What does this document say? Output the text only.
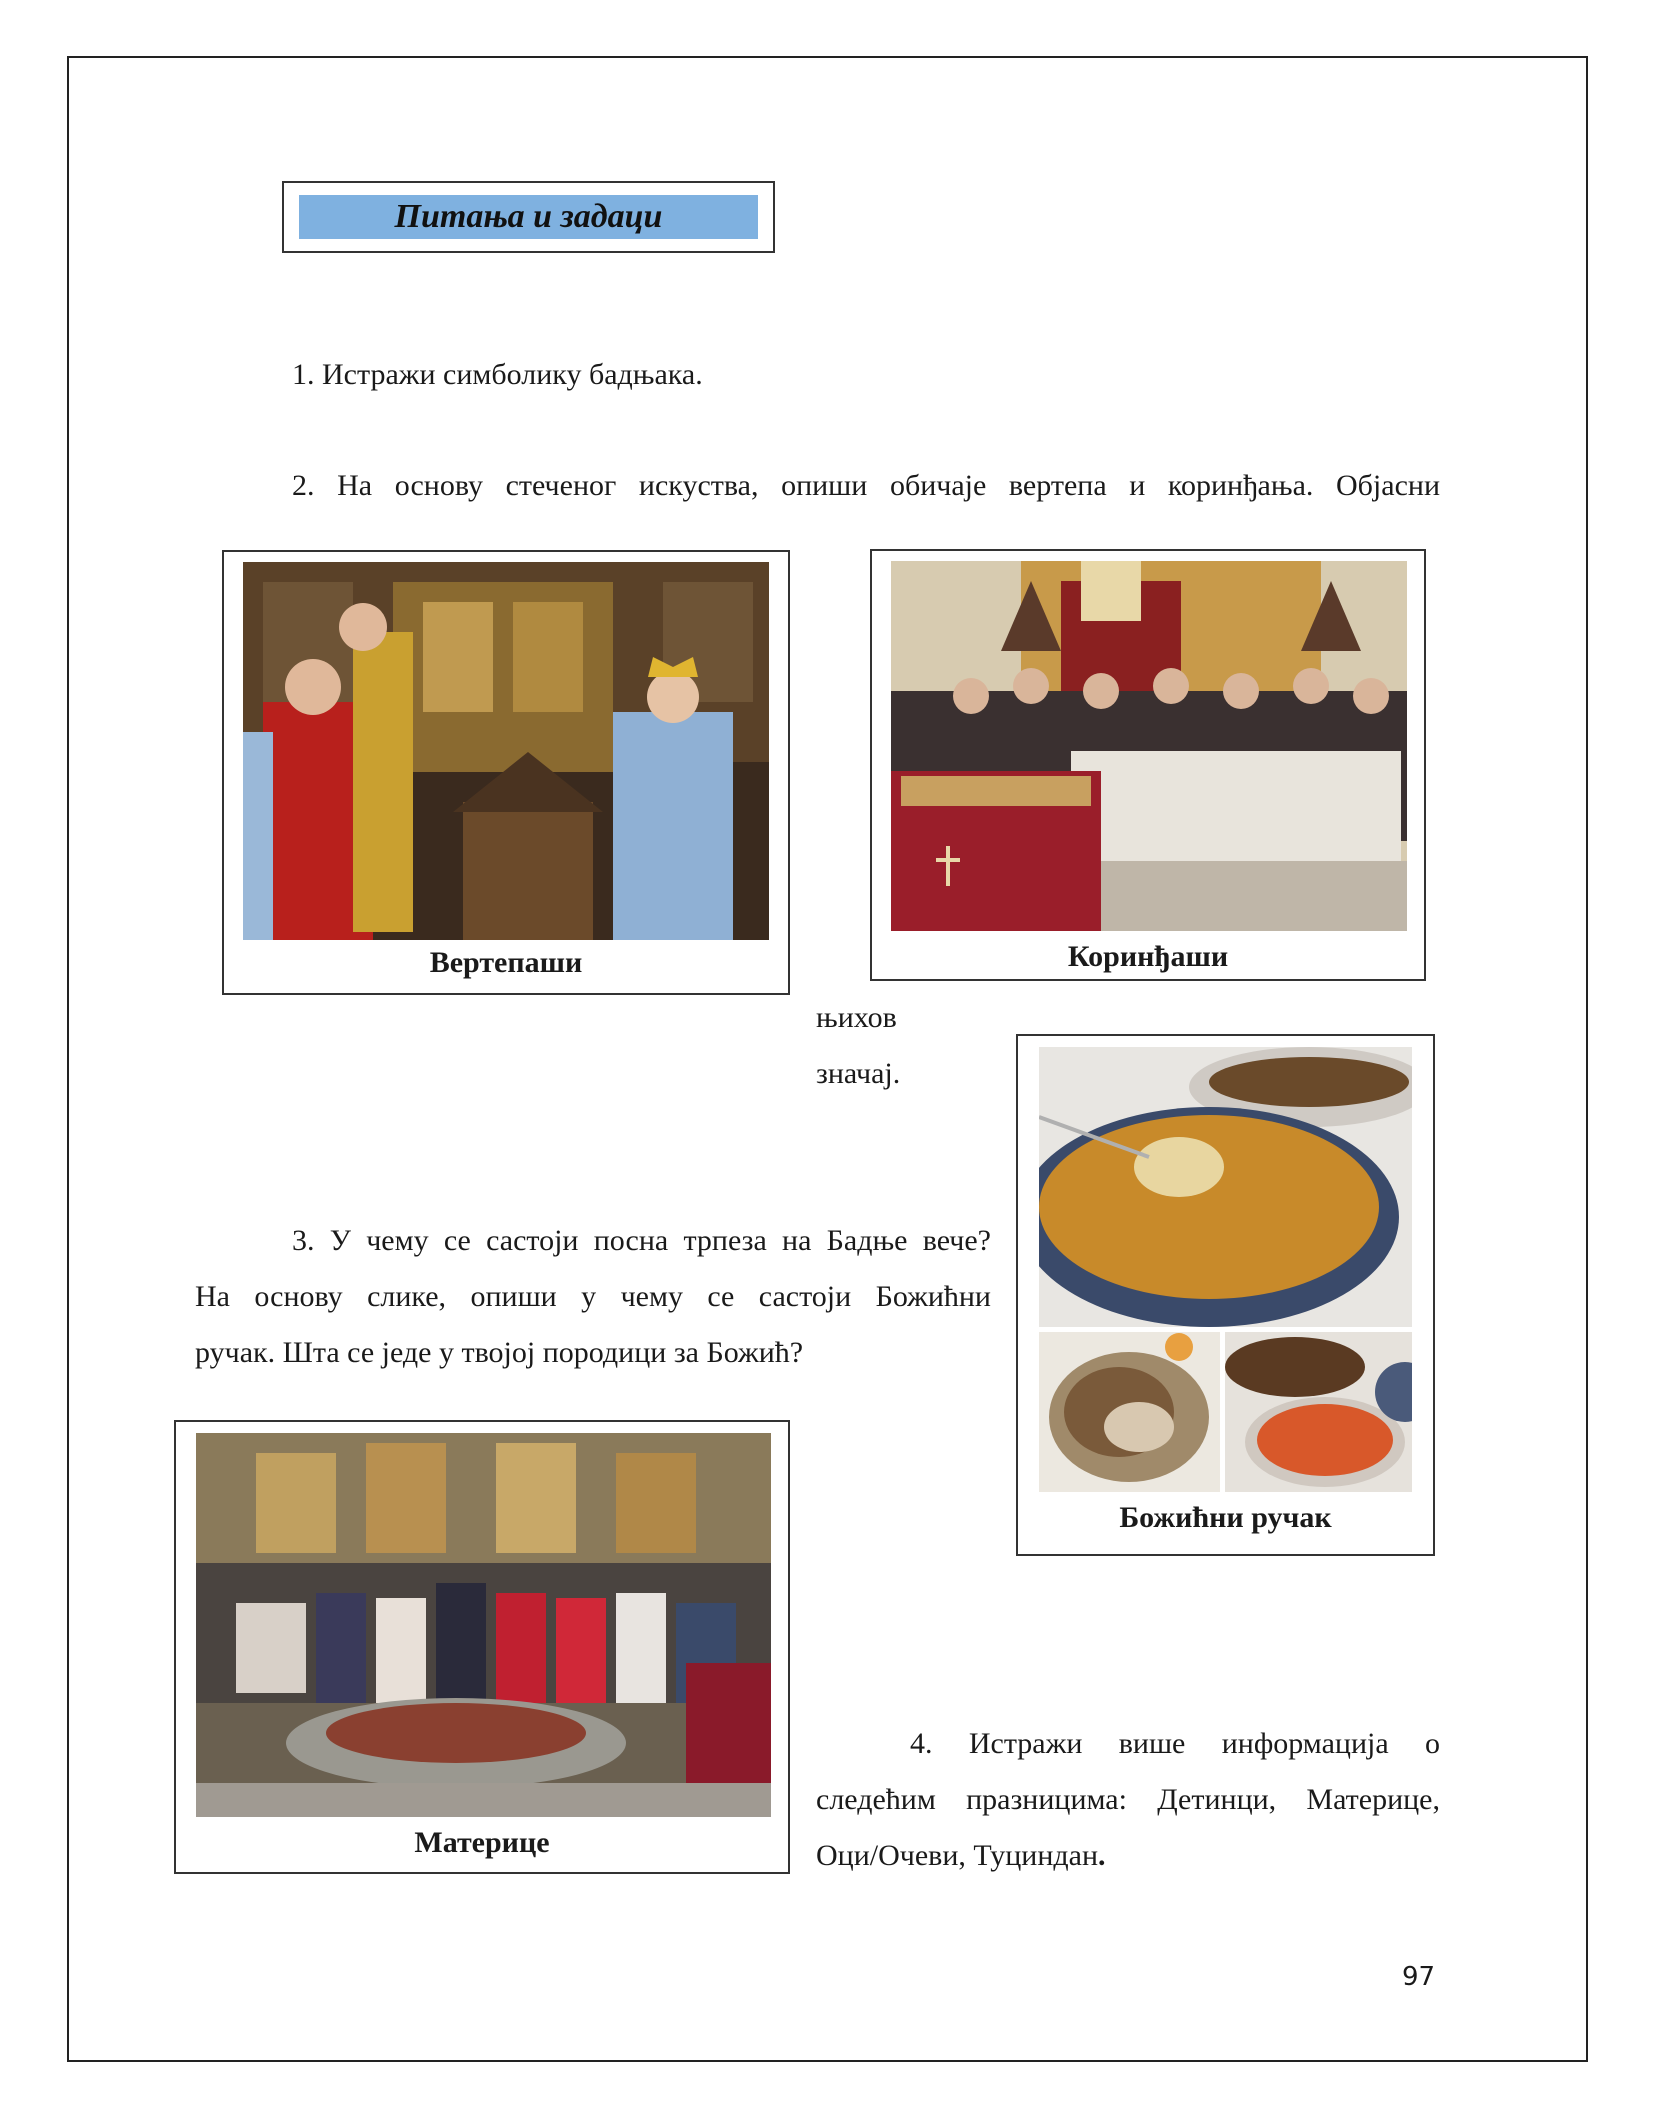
Питања и задаци

1. Истражи симболику бадњака.

2. На основу стеченог искуства, опиши обичаје вертепа и коринђања. Објасни

Вертепаши	Коринђаши

њихов

значај.

Божићни ручак

3. У чему се састоји посна трпеза на Бадње вече?

На основу слике, опиши у чему се састоји Божићни

ручак. Шта се једе у твојој породици за Божић?

Материце

4. Истражи више информација о

следећим празницима: Детинци, Материце,

Оци/Очеви, Туциндан.

97
